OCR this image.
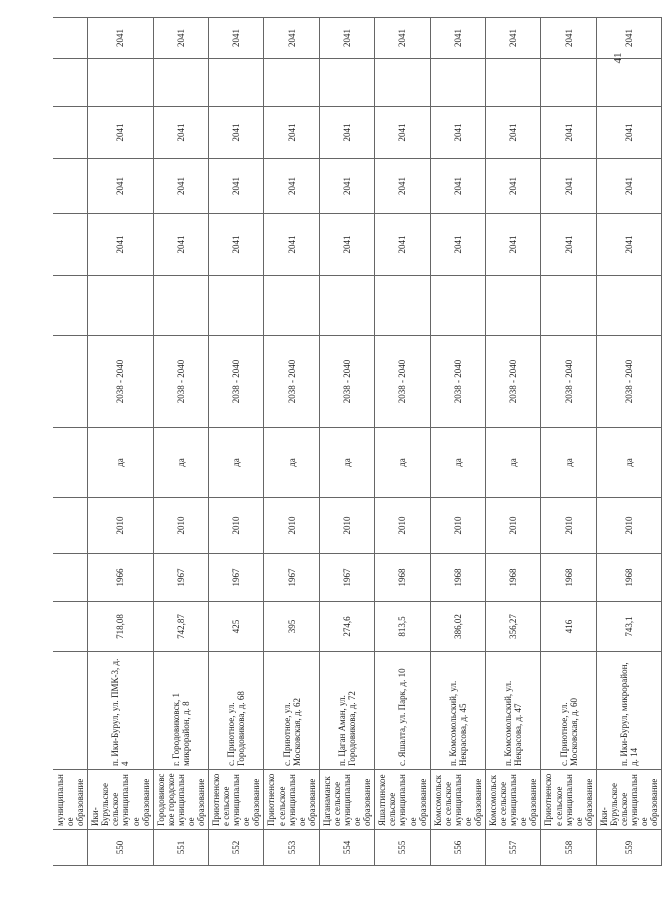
	муниципальное образование												
550	Ики-Бурульское сельское муниципальное образование	п. Ики-Бурул, ул. ПМК-3, д. 4	718,08	1966	2010	да	2038 - 2040		2041	2041	2041		2041
551	Городовиковское городское муниципальное образование	г. Городовиковск, 1 микрорайон, д. 8	742,87	1967	2010	да	2038 - 2040		2041	2041	2041		2041
552	Приютненское сельское муниципальное образование	с. Приютное, ул. Городовикова, д. 68	425	1967	2010	да	2038 - 2040		2041	2041	2041		2041
553	Приютненское сельское муниципальное образование	с. Приютное, ул. Московская, д. 62	395	1967	2010	да	2038 - 2040		2041	2041	2041		2041
554	Цаганаманское сельское муниципальное образование	п. Цаган Аман, ул. Городовикова, д. 72	274,6	1967	2010	да	2038 - 2040		2041	2041	2041		2041
555	Яшалтинское сельское муниципальное образование	с. Яшалта, ул. Парк, д. 10	813,5	1968	2010	да	2038 - 2040		2041	2041	2041		2041
556	Комсомольское сельское муниципальное образование	п. Комсомольский, ул. Некрасова, д. 45	386,02	1968	2010	да	2038 - 2040		2041	2041	2041		2041
557	Комсомольское сельское муниципальное образование	п. Комсомольский, ул. Некрасова, д. 47	356,27	1968	2010	да	2038 - 2040		2041	2041	2041		2041
558	Приютненское сельское муниципальное образование	с. Приютное, ул. Московская, д. 60	416	1968	2010	да	2038 - 2040		2041	2041	2041		2041
559	Ики-Бурульское сельское муниципальное образование	п. Ики-Бурул, микрорайон, д. 14	743,1	1968	2010	да	2038 - 2040		2041	2041	2041		2041
41
